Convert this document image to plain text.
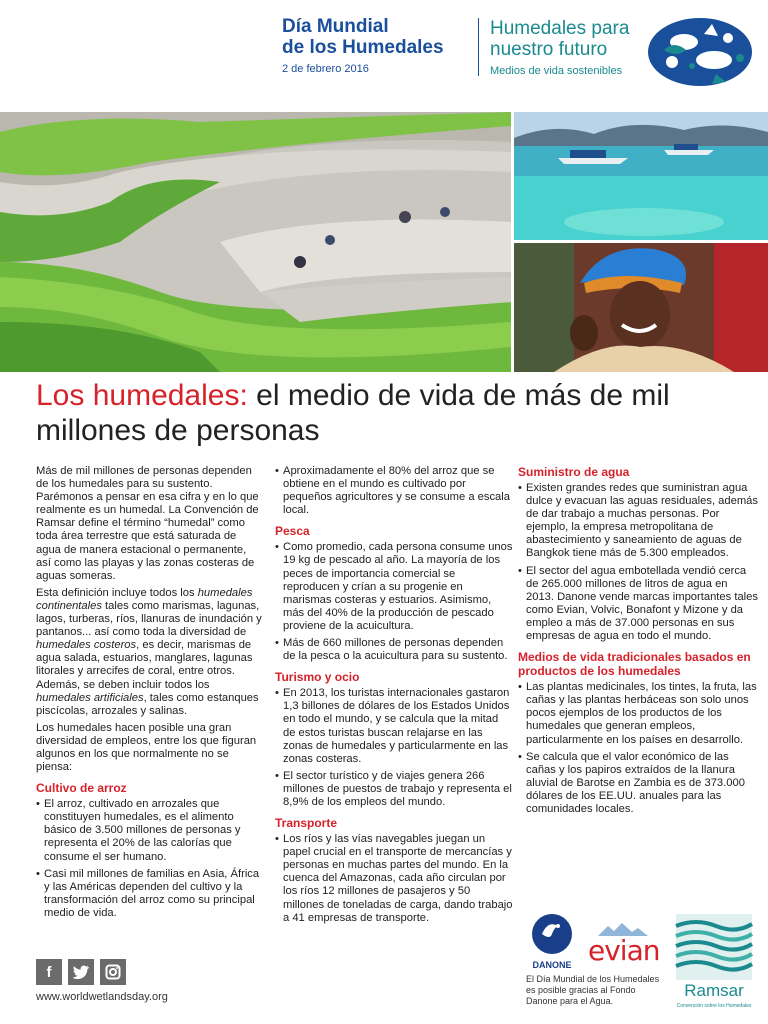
Día Mundial
de los Humedales
2 de febrero 2016
Humedales para
nuestro futuro
Medios de vida sostenibles
Los humedales: el medio de vida de más de mil millones de personas

Más de mil millones de personas dependen de los humedales para su sustento. Parémonos a pensar en esa cifra y en lo que realmente es un humedal. La Convención de Ramsar define el término “humedal” como toda área terrestre que está saturada de agua de manera estacional o permanente, así como las playas y las zonas costeras de aguas someras.

Esta definición incluye todos los humedales continentales tales como marismas, lagunas, lagos, turberas, ríos, llanuras de inundación y pantanos... así como toda la diversidad de humedales costeros, es decir, marismas de agua salada, estuarios, manglares, lagunas litorales y arrecifes de coral, entre otros. Además, se deben incluir todos los humedales artificiales, tales como estanques piscícolas, arrozales y salinas.

Los humedales hacen posible una gran diversidad de empleos, entre los que figuran algunos en los que normalmente no se piensa:

Cultivo de arroz
• El arroz, cultivado en arrozales que constituyen humedales, es el alimento básico de 3.500 millones de personas y representa el 20% de las calorías que consume el ser humano.
• Casi mil millones de familias en Asia, África y las Américas dependen del cultivo y la transformación del arroz como su principal medio de vida.
• Aproximadamente el 80% del arroz que se obtiene en el mundo es cultivado por pequeños agricultores y se consume a escala local.
Pesca
• Como promedio, cada persona consume unos 19 kg de pescado al año. La mayoría de los peces de importancia comercial se reproducen y crían a su progenie en marismas costeras y estuarios. Asimismo, más del 40% de la producción de pescado proviene de la acuicultura.
• Más de 660 millones de personas dependen de la pesca o la acuicultura para su sustento.
Turismo y ocio
• En 2013, los turistas internacionales gastaron 1,3 billones de dólares de los Estados Unidos en todo el mundo, y se calcula que la mitad de estos turistas buscan relajarse en las zonas de humedales y particularmente en las zonas costeras.
• El sector turístico y de viajes genera 266 millones de puestos de trabajo y representa el 8,9% de los empleos del mundo.
Transporte
• Los ríos y las vías navegables juegan un papel crucial en el transporte de mercancías y personas en muchas partes del mundo. En la cuenca del Amazonas, cada año circulan por los ríos 12 millones de pasajeros y 50 millones de toneladas de carga, dando trabajo a 41 empresas de transporte.
Suministro de agua
• Existen grandes redes que suministran agua dulce y evacuan las aguas residuales, además de dar trabajo a muchas personas. Por ejemplo, la empresa metropolitana de abastecimiento y saneamiento de aguas de Bangkok tiene más de 5.300 empleados.
• El sector del agua embotellada vendió cerca de 265.000 millones de litros de agua en 2013. Danone vende marcas importantes tales como Evian, Volvic, Bonafont y Mizone y da empleo a más de 37.000 personas en sus empresas de agua en todo el mundo.
Medios de vida tradicionales basados en productos de los humedales
• Las plantas medicinales, los tintes, la fruta, las cañas y las plantas herbáceas son solo unos pocos ejemplos de los productos de los humedales que generan empleos, particularmente en los países en desarrollo.
• Se calcula que el valor económico de las cañas y los papiros extraídos de la llanura aluvial de Barotse en Zambia es de 373.000 dólares de los EE.UU. anuales para las comunidades locales.
f
www.worldwetlandsday.org
DANONE evian
El Día Mundial de los Humedales es posible gracias al Fondo Danone para el Agua.
Ramsar
Convención sobre los Humedales
